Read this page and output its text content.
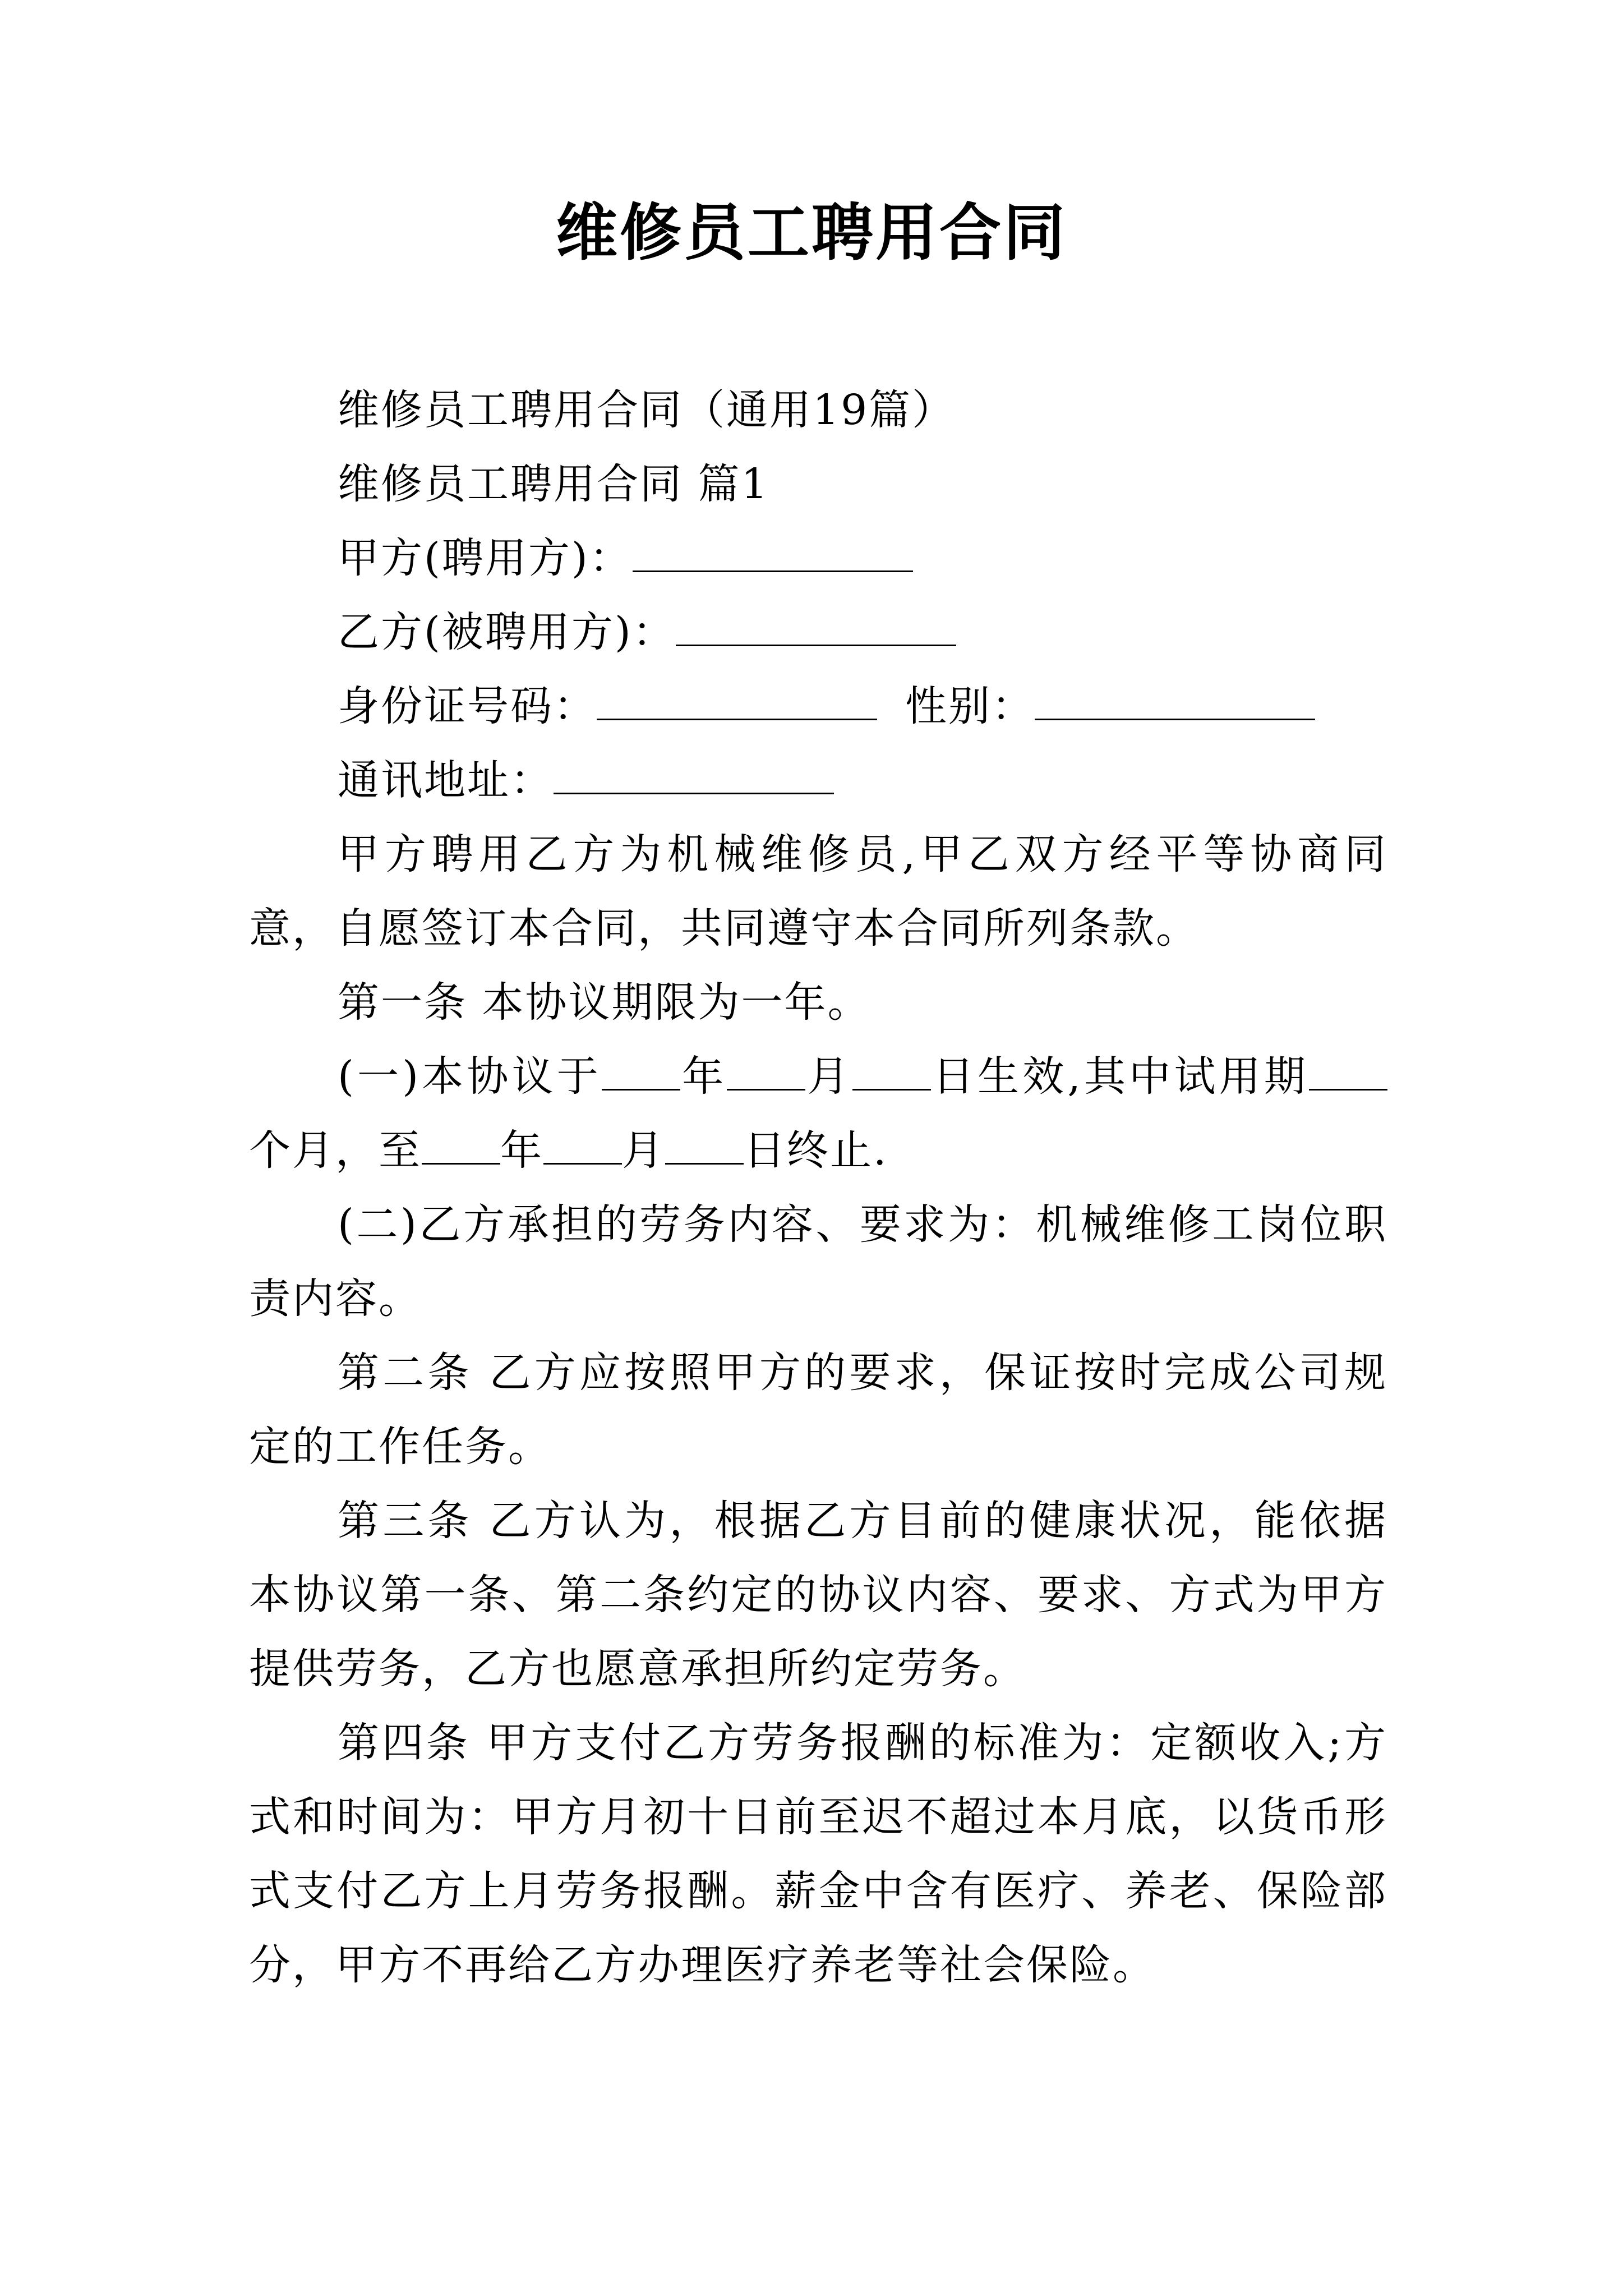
维修员工聘用合同

维修员工聘用合同（通用19篇）

维修员工聘用合同 篇1

甲方(聘用方)：

乙方(被聘用方)：

身份证号码：	性别：

通讯地址：

甲方聘用乙方为机械维修员,甲乙双方经平等协商同意，自愿签订本合同，共同遵守本合同所列条款。

第一条 本协议期限为一年。

(一)本协议于 年 月 日生效,其中试用期个月，至 年 月 日终止.

(二)乙方承担的劳务内容、要求为：机械维修工岗位职责内容。

第二条 乙方应按照甲方的要求，保证按时完成公司规定的工作任务。

第三条 乙方认为，根据乙方目前的健康状况，能依据本协议第一条、第二条约定的协议内容、要求、方式为甲方提供劳务，乙方也愿意承担所约定劳务。

第四条 甲方支付乙方劳务报酬的标准为：定额收入;方式和时间为：甲方月初十日前至迟不超过本月底，以货币形式支付乙方上月劳务报酬。薪金中含有医疗、养老、保险部分，甲方不再给乙方办理医疗养老等社会保险。
